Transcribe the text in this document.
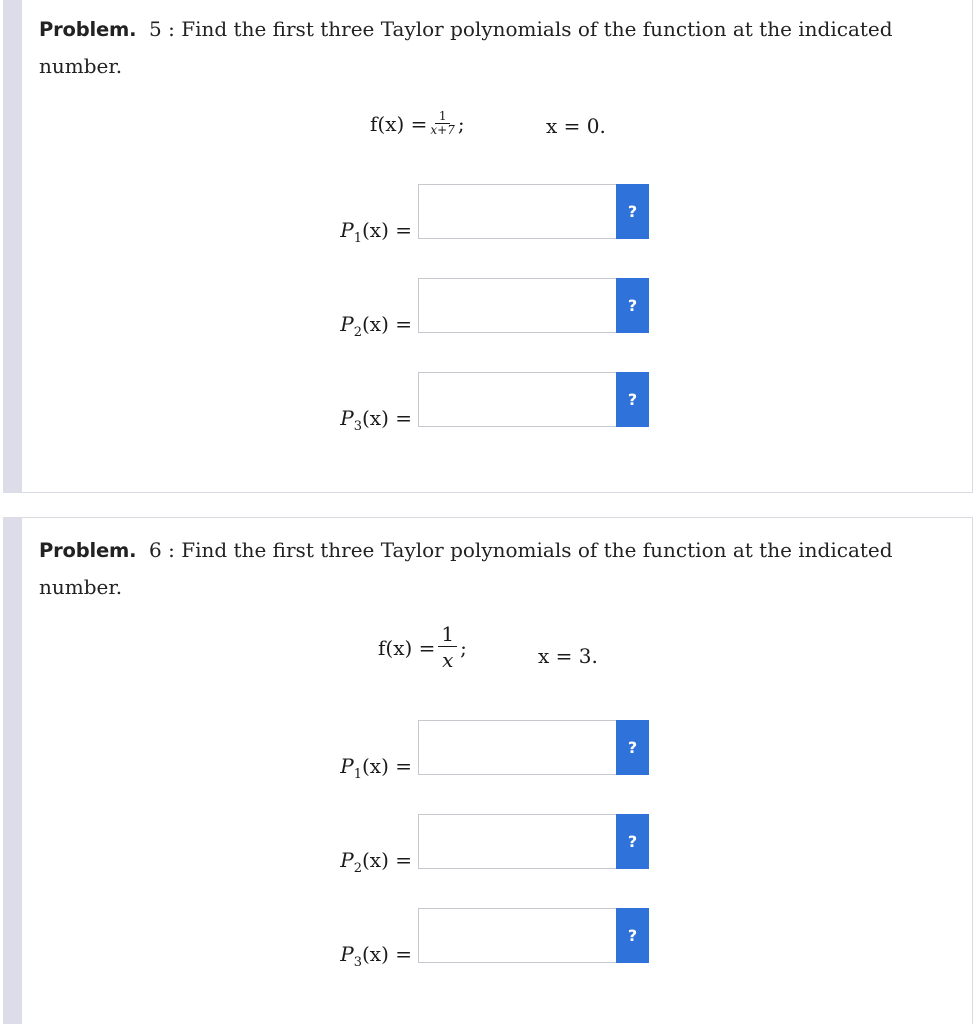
Problem. 5 : Find the first three Taylor polynomials of the function at the indicated
number.
$f(x) = \frac{1}{x+7}$ ;	x = 0.
$P_1(x)$ =
?
$P_2(x)$ =
?
$P_3(x)$ =
?
Problem. 6 : Find the first three Taylor polynomials of the function at the indicated
number.
$f(x) = \frac{1}{x}$ ;	x = 3.
$P_1(x)$ =
?
$P_2(x)$ =
?
$P_3(x)$ =
?
